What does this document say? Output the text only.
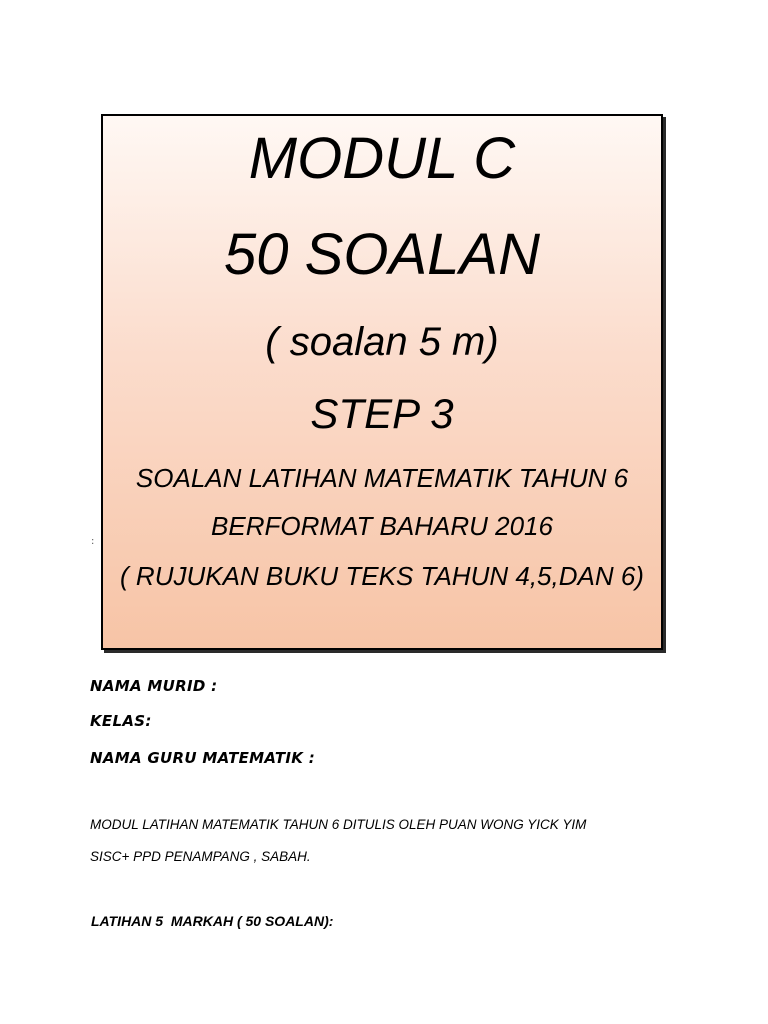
MODUL C
50 SOALAN
( soalan 5 m)
STEP 3
SOALAN LATIHAN MATEMATIK TAHUN 6
BERFORMAT BAHARU 2016
( RUJUKAN BUKU TEKS TAHUN 4,5,DAN 6)
:
NAMA MURID :
KELAS:
NAMA GURU MATEMATIK :
MODUL LATIHAN MATEMATIK TAHUN 6 DITULIS OLEH PUAN WONG YICK YIM
SISC+ PPD PENAMPANG , SABAH.
LATIHAN 5  MARKAH ( 50 SOALAN):
